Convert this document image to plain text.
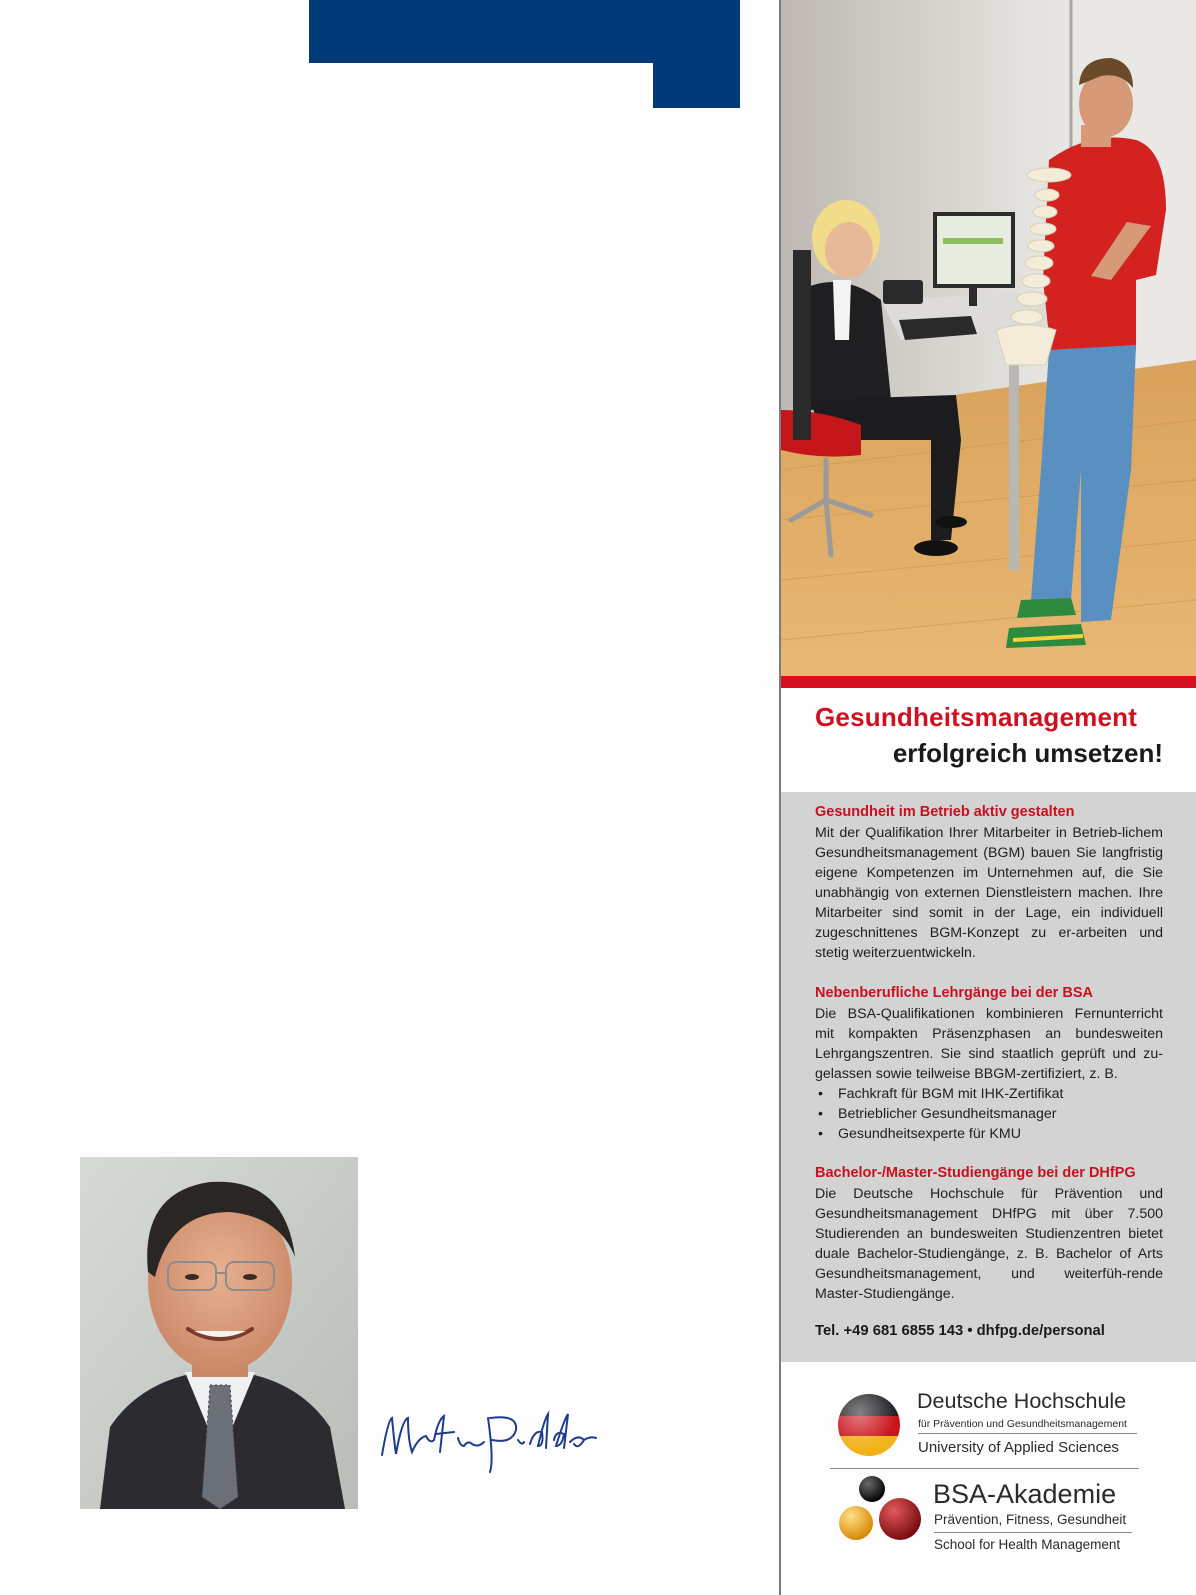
Gesundheitsmanagement
erfolgreich umsetzen!
Gesundheit im Betrieb aktiv gestalten
Mit der Qualifikation Ihrer Mitarbeiter in Betrieb-lichem Gesundheitsmanagement (BGM) bauen Sie langfristig eigene Kompetenzen im Unternehmen auf, die Sie unabhängig von externen Dienstleistern machen. Ihre Mitarbeiter sind somit in der Lage, ein individuell zugeschnittenes BGM-Konzept zu er-arbeiten und stetig weiterzuentwickeln.
Nebenberufliche Lehrgänge bei der BSA
Die BSA-Qualifikationen kombinieren Fernunterricht mit kompakten Präsenzphasen an bundesweiten Lehrgangszentren. Sie sind staatlich geprüft und zu-gelassen sowie teilweise BBGM-zertifiziert, z. B.
• Fachkraft für BGM mit IHK-Zertifikat
• Betrieblicher Gesundheitsmanager
• Gesundheitsexperte für KMU
Bachelor-/Master-Studiengänge bei der DHfPG
Die Deutsche Hochschule für Prävention und Gesundheitsmanagement DHfPG mit über 7.500 Studierenden an bundesweiten Studienzentren bietet duale Bachelor-Studiengänge, z. B. Bachelor of Arts Gesundheitsmanagement, und weiterfüh-rende Master-Studiengänge.
Tel. +49 681 6855 143 • dhfpg.de/personal
Deutsche Hochschule
für Prävention und Gesundheitsmanagement
University of Applied Sciences
BSA-Akademie
Prävention, Fitness, Gesundheit
School for Health Management
